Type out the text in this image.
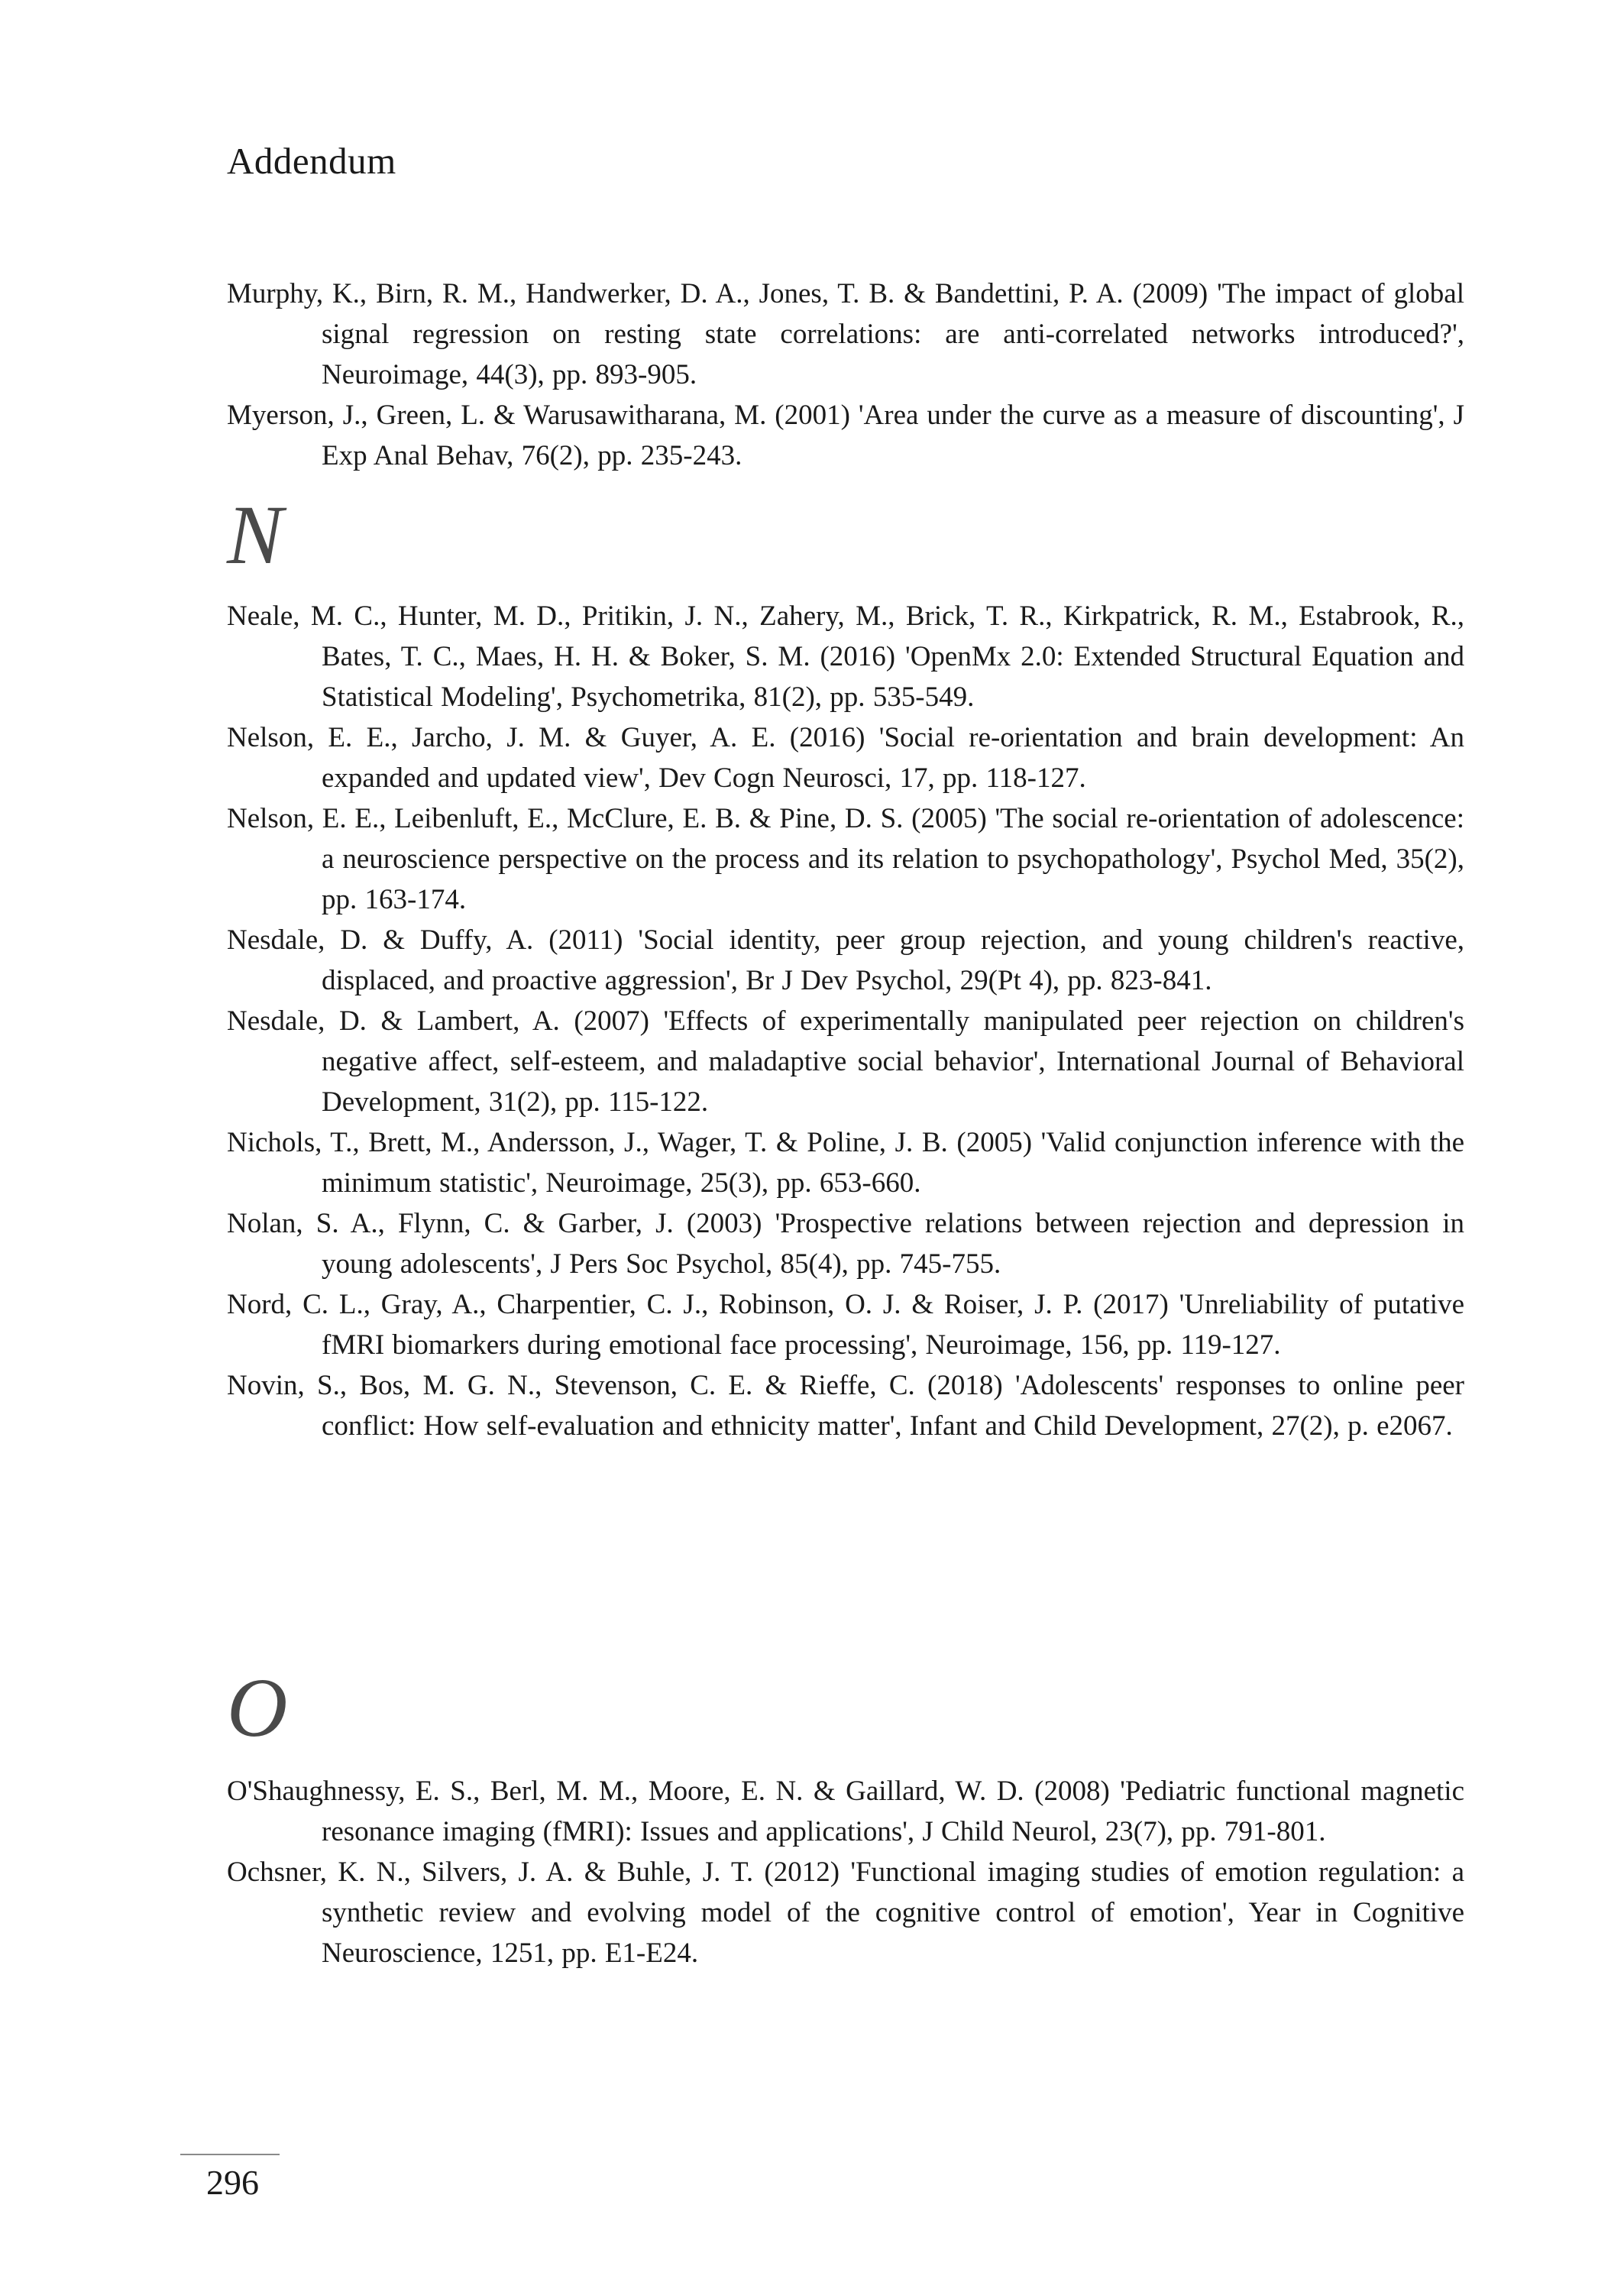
Addendum

Murphy, K., Birn, R. M., Handwerker, D. A., Jones, T. B. & Bandettini, P. A. (2009) 'The impact of global signal regression on resting state correlations: are anti-correlated networks introduced?', Neuroimage, 44(3), pp. 893-905.

Myerson, J., Green, L. & Warusawitharana, M. (2001) 'Area under the curve as a measure of discounting', J Exp Anal Behav, 76(2), pp. 235-243.

N

Neale, M. C., Hunter, M. D., Pritikin, J. N., Zahery, M., Brick, T. R., Kirkpatrick, R. M., Estabrook, R., Bates, T. C., Maes, H. H. & Boker, S. M. (2016) 'OpenMx 2.0: Extended Structural Equation and Statistical Modeling', Psychometrika, 81(2), pp. 535-549.

Nelson, E. E., Jarcho, J. M. & Guyer, A. E. (2016) 'Social re-orientation and brain development: An expanded and updated view', Dev Cogn Neurosci, 17, pp. 118-127.

Nelson, E. E., Leibenluft, E., McClure, E. B. & Pine, D. S. (2005) 'The social re-orientation of adolescence: a neuroscience perspective on the process and its relation to psychopathology', Psychol Med, 35(2), pp. 163-174.

Nesdale, D. & Duffy, A. (2011) 'Social identity, peer group rejection, and young children's reactive, displaced, and proactive aggression', Br J Dev Psychol, 29(Pt 4), pp. 823-841.

Nesdale, D. & Lambert, A. (2007) 'Effects of experimentally manipulated peer rejection on children's negative affect, self-esteem, and maladaptive social behavior', International Journal of Behavioral Development, 31(2), pp. 115-122.

Nichols, T., Brett, M., Andersson, J., Wager, T. & Poline, J. B. (2005) 'Valid conjunction inference with the minimum statistic', Neuroimage, 25(3), pp. 653-660.

Nolan, S. A., Flynn, C. & Garber, J. (2003) 'Prospective relations between rejection and depression in young adolescents', J Pers Soc Psychol, 85(4), pp. 745-755.

Nord, C. L., Gray, A., Charpentier, C. J., Robinson, O. J. & Roiser, J. P. (2017) 'Unreliability of putative fMRI biomarkers during emotional face processing', Neuroimage, 156, pp. 119-127.

Novin, S., Bos, M. G. N., Stevenson, C. E. & Rieffe, C. (2018) 'Adolescents' responses to online peer conflict: How self-evaluation and ethnicity matter', Infant and Child Development, 27(2), p. e2067.

O

O'Shaughnessy, E. S., Berl, M. M., Moore, E. N. & Gaillard, W. D. (2008) 'Pediatric functional magnetic resonance imaging (fMRI): Issues and applications', J Child Neurol, 23(7), pp. 791-801.

Ochsner, K. N., Silvers, J. A. & Buhle, J. T. (2012) 'Functional imaging studies of emotion regulation: a synthetic review and evolving model of the cognitive control of emotion', Year in Cognitive Neuroscience, 1251, pp. E1-E24.

296
